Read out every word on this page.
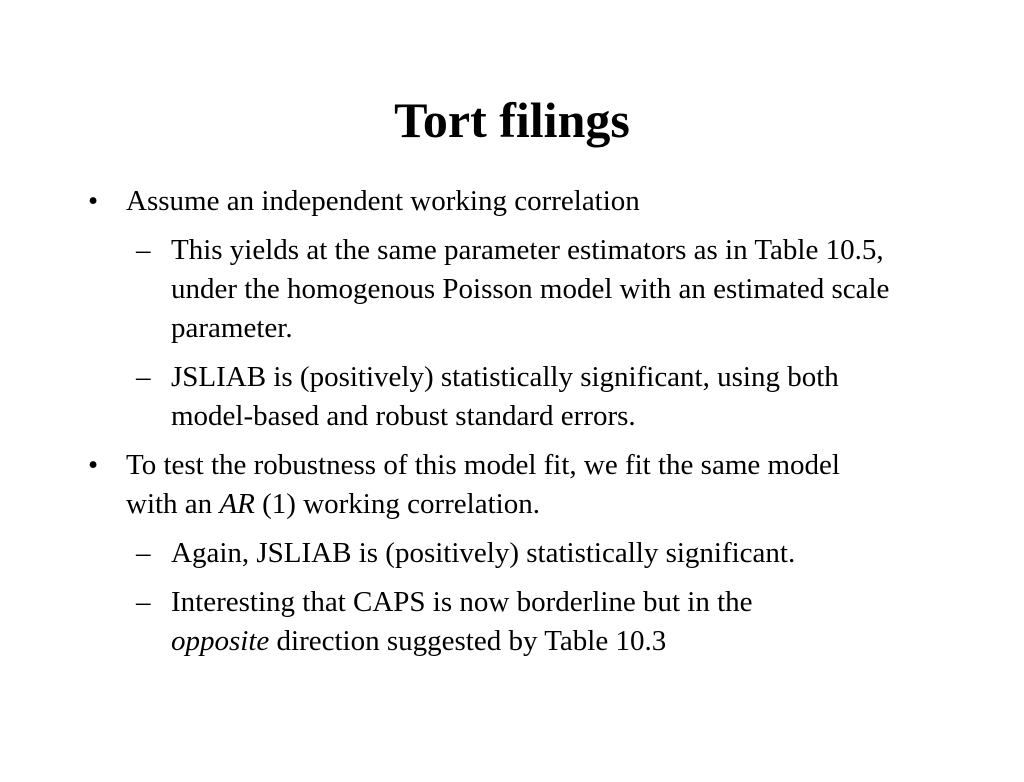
Tort filings
• Assume an independent working correlation
– This yields at the same parameter estimators as in Table 10.5, under the homogenous Poisson model with an estimated scale parameter.
– JSLIAB is (positively) statistically significant, using both model-based and robust standard errors.
• To test the robustness of this model fit, we fit the same model with an AR (1) working correlation.
– Again, JSLIAB is (positively) statistically significant.
– Interesting that CAPS is now borderline but in the
opposite direction suggested by Table 10.3
